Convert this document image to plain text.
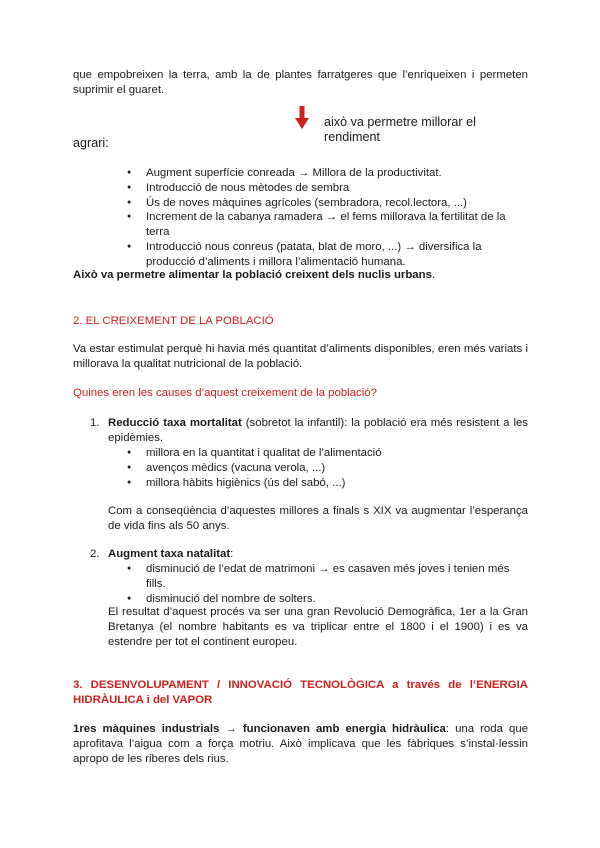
que empobreixen la terra, amb la de plantes farratgeres que l’enriqueixen i permeten suprimir el guaret.

això va permetre millorar el rendiment
agrari:
● Augment superfície conreada → Millora de la productivitat.
● Introducció de nous mètodes de sembra
● Ús de noves màquines agrícoles (sembradora, recol.lectora, ...)
● Increment de la cabanya ramadera → el fems millorava la fertilitat de la terra
● Introducció nous conreus (patata, blat de moro, ...) → diversifica la producció d’aliments i millora l’alimentació humana.

Això va permetre alimentar la població creixent dels nuclis urbans.

2. EL CREIXEMENT DE LA POBLACIÓ

Va estar estimulat perquè hi havia més quantitat d’aliments disponibles, eren més variats i millorava la qualitat nutricional de la població.

Quines eren les causes d’aquest creixement de la població?

1. Reducció taxa mortalitat (sobretot la infantil): la població era més resistent a les epidèmies.

● millora en la quantitat i qualitat de l’alimentació
● avenços mèdics (vacuna verola, ...)
● millora hàbits higiènics (ús del sabó, ...)

Com a conseqüència d’aquestes millores a finals s XIX va augmentar l’esperança de vida fins als 50 anys.

2. Augment taxa natalitat:

● disminució de l’edat de matrimoni → es casaven més joves i tenien més fills.
● disminució del nombre de solters.

El resultat d’aquest procés va ser una gran Revolució Demogràfica, 1er a la Gran Bretanya (el nombre habitants es va triplicar entre el 1800 i el 1900) i es va estendre per tot el continent europeu.

3. DESENVOLUPAMENT / INNOVACIÓ TECNOLÒGICA a través de l’ENERGIA HIDRÀULICA i del VAPOR

1res màquines industrials → funcionaven amb energia hidràulica: una roda que aprofitava l’aigua com a força motriu. Això implicava que les fàbriques s’instal·lessin apropo de les riberes dels rius.
